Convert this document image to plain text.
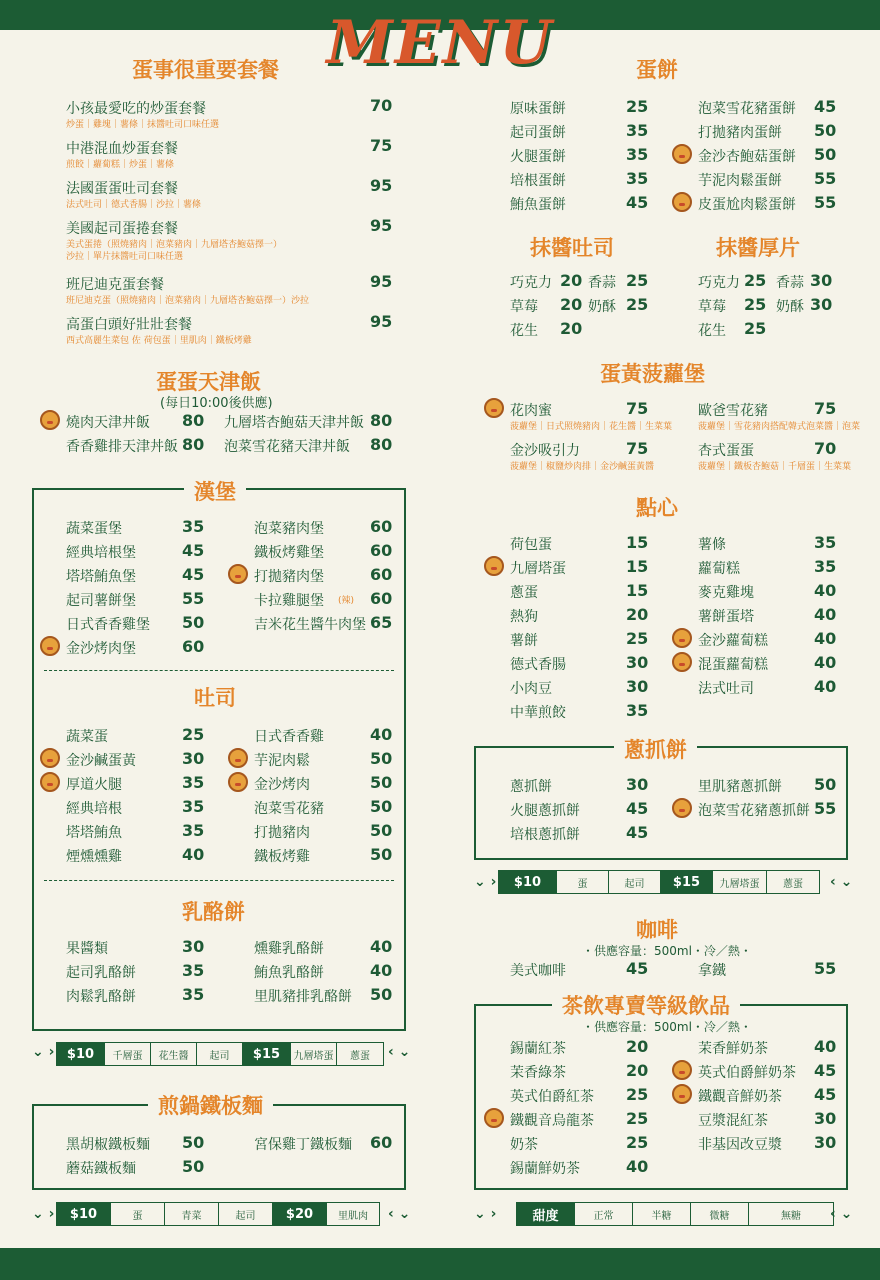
MENU
蛋事很重要套餐
蛋蛋天津飯
(每日10:00後供應)
漢堡
吐司
乳酪餅
⌄ ›	‹ ⌄
$10	千層蛋	花生醬	起司	$15	九層塔蛋	蔥蛋
煎鍋鐵板麵
⌄ ›	‹ ⌄
$10	蛋	青菜	起司	$20	里肌肉
蛋餅
抹醬吐司	抹醬厚片
蛋黃菠蘿堡
點心
蔥抓餅
⌄ ›	‹ ⌄
$10	蛋	起司	$15	九層塔蛋	蔥蛋
咖啡
・供應容量：500ml・冷／熱・
茶飲專賣等級飲品
・供應容量：500ml・冷／熱・
⌄ ›	‹ ⌄
甜度	正常	半糖	微糖	無糖
小孩最愛吃的炒蛋套餐
炒蛋｜雞塊｜薯條｜抹醬吐司口味任選
70
中港混血炒蛋套餐
煎餃｜蘿蔔糕｜炒蛋｜薯條
75
法國蛋蛋吐司套餐
法式吐司｜德式香腸｜沙拉｜薯條
95
美國起司蛋捲套餐
美式蛋捲（照燒豬肉｜泡菜豬肉｜九層塔杏鮑菇擇一）
沙拉｜單片抹醬吐司口味任選
95
班尼迪克蛋套餐
班尼迪克蛋（照燒豬肉｜泡菜豬肉｜九層塔杏鮑菇擇一）沙拉
95
高蛋白頭好壯壯套餐
西式高麗生菜包 佐 荷包蛋｜里肌肉｜鐵板烤雞
95
燒肉天津丼飯 80 九層塔杏鮑菇天津丼飯 80
香香雞排天津丼飯 80 泡菜雪花豬天津丼飯 80
蔬菜蛋堡	35
經典培根堡	45
塔塔鮪魚堡	45
起司薯餅堡	55
日式香香雞堡 50
金沙烤肉堡	60
泡菜豬肉堡	60
鐵板烤雞堡	60
打拋豬肉堡	60
卡拉雞腿堡 (辣) 60
吉米花生醬牛肉堡 65
蔬菜蛋	25
金沙鹹蛋黃	30
厚道火腿	35
經典培根	35
塔塔鮪魚	35
煙燻燻雞	40
日式香香雞	40
芋泥肉鬆	50
金沙烤肉	50
泡菜雪花豬	50
打拋豬肉	50
鐵板烤雞	50
果醬類	30
起司乳酪餅	35
肉鬆乳酪餅	35
燻雞乳酪餅	40
鮪魚乳酪餅	40
里肌豬排乳酪餅 50
黑胡椒鐵板麵 50	宮保雞丁鐵板麵 60
蘑菇鐵板麵	50
原味蛋餅	25
起司蛋餅	35
火腿蛋餅	35
培根蛋餅	35
鮪魚蛋餅	45
泡菜雪花豬蛋餅 45
打拋豬肉蛋餅 50
金沙杏鮑菇蛋餅 50
芋泥肉鬆蛋餅 55
皮蛋尬肉鬆蛋餅 55
巧克力 20	巧克力 25
香蒜 25	香蒜 30
草莓 20	草莓 25
奶酥 25	奶酥 30
花生 20	花生 25
花肉蜜
菠蘿堡｜日式照燒豬肉｜花生醬｜生菜葉
75	歐爸雪花豬
菠蘿堡｜雪花豬肉搭配韓式泡菜醬｜泡菜
75
金沙吸引力
菠蘿堡｜椒鹽炒肉排｜金沙鹹蛋黃醬
75	杏式蛋蛋
菠蘿堡｜鐵板杏鮑菇｜千層蛋｜生菜葉
70
荷包蛋	15
九層塔蛋	15
蔥蛋	15
熱狗	20
薯餅	25
德式香腸	30
小肉豆	30
中華煎餃	35
薯條	35
蘿蔔糕	35
麥克雞塊	40
薯餅蛋塔	40
金沙蘿蔔糕	40
混蛋蘿蔔糕	40
法式吐司	40
蔥抓餅	30	里肌豬蔥抓餅 50
火腿蔥抓餅	45	泡菜雪花豬蔥抓餅 55
培根蔥抓餅	45
美式咖啡	45	拿鐵	55
錫蘭紅茶	20
茉香綠茶	20
英式伯爵紅茶 25
鐵觀音烏龍茶 25
奶茶	25
錫蘭鮮奶茶	40
茉香鮮奶茶	40
英式伯爵鮮奶茶 45
鐵觀音鮮奶茶 45
豆漿混紅茶	30
非基因改豆漿 30
